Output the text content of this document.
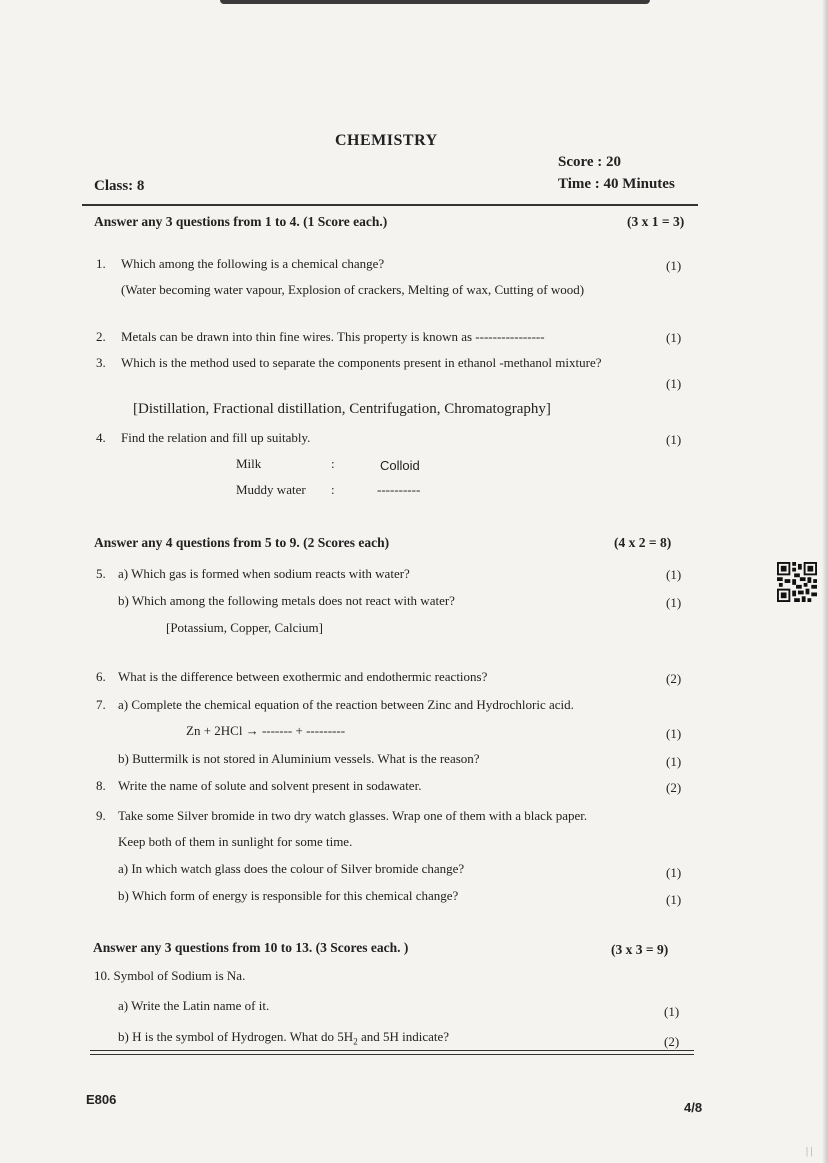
CHEMISTRY
Score : 20
Time : 40 Minutes
Class: 8
Answer any 3 questions from 1 to 4. (1 Score each.)	(3 x 1 = 3)
1. Which among the following is a chemical change?	(1)
(Water becoming water vapour, Explosion of crackers, Melting of wax, Cutting of wood)
2. Metals can be drawn into thin fine wires. This property is known as ----------------	(1)
3. Which is the method used to separate the components present in ethanol -methanol mixture?
(1)
[Distillation, Fractional distillation, Centrifugation, Chromatography]
4. Find the relation and fill up suitably.	(1)
Milk	:	Colloid
Muddy water :	----------
Answer any 4 questions from 5 to 9. (2 Scores each)	(4 x 2 = 8)
5. a) Which gas is formed when sodium reacts with water?	(1)
b) Which among the following metals does not react with water?	(1)
[Potassium, Copper, Calcium]
6. What is the difference between exothermic and endothermic reactions?	(2)
7. a) Complete the chemical equation of the reaction between Zinc and Hydrochloric acid.
Zn + 2HCl → ------- + ---------	(1)
b) Buttermilk is not stored in Aluminium vessels. What is the reason?	(1)
8. Write the name of solute and solvent present in sodawater.	(2)
9. Take some Silver bromide in two dry watch glasses. Wrap one of them with a black paper.
Keep both of them in sunlight for some time.
a) In which watch glass does the colour of Silver bromide change?	(1)
b) Which form of energy is responsible for this chemical change?	(1)
Answer any 3 questions from 10 to 13. (3 Scores each. )	(3 x 3 = 9)
10. Symbol of Sodium is Na.
a) Write the Latin name of it.	(1)
b) H is the symbol of Hydrogen. What do $5H_2$ and 5H indicate?	(2)
E806
4/8
| |
